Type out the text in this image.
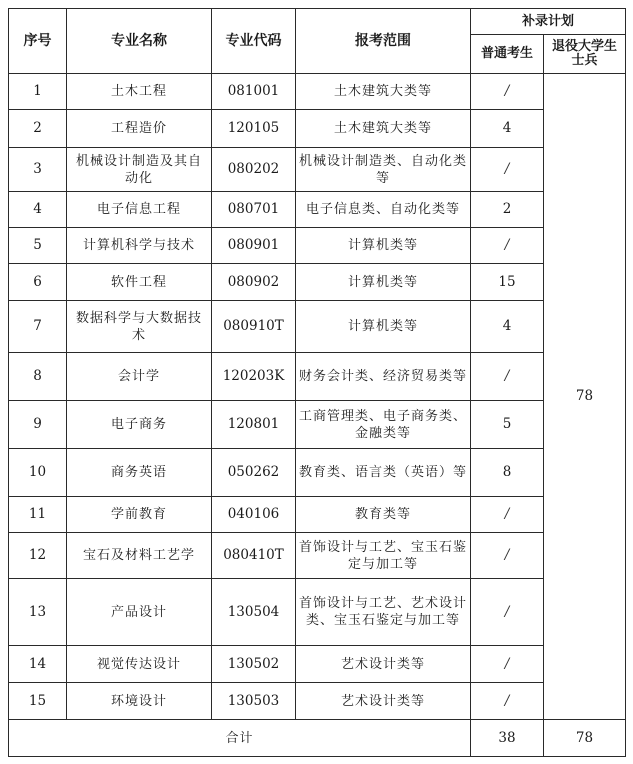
序号	专业名称	专业代码	报考范围	补录计划	
				普通考生	退役大学生士兵
1	土木工程	081001	土木建筑大类等	/	78
2	工程造价	120105	土木建筑大类等	4	
3	机械设计制造及其自动化	080202	机械设计制造类、自动化类等	/	
4	电子信息工程	080701	电子信息类、自动化类等	2	
5	计算机科学与技术	080901	计算机类等	/	
6	软件工程	080902	计算机类等	15	
7	数据科学与大数据技术	080910T	计算机类等	4	
8	会计学	120203K	财务会计类、经济贸易类等	/	
9	电子商务	120801	工商管理类、电子商务类、金融类等	5	
10	商务英语	050262	教育类、语言类（英语）等	8	
11	学前教育	040106	教育类等	/	
12	宝石及材料工艺学	080410T	首饰设计与工艺、宝玉石鉴定与加工等	/	
13	产品设计	130504	首饰设计与工艺、艺术设计类、宝玉石鉴定与加工等	/	
14	视觉传达设计	130502	艺术设计类等	/	
15	环境设计	130503	艺术设计类等	/	
合计				38	78
